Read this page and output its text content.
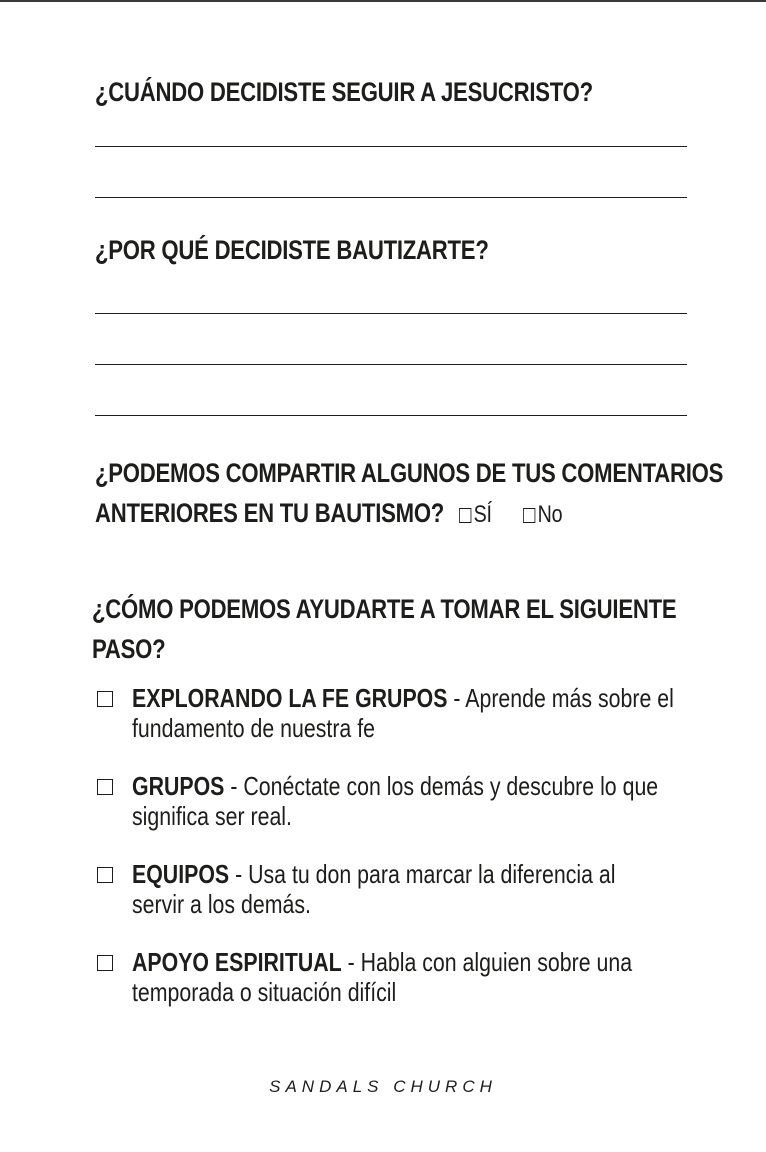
¿CUÁNDO DECIDISTE SEGUIR A JESUCRISTO?
¿POR QUÉ DECIDISTE BAUTIZARTE?
¿PODEMOS COMPARTIR ALGUNOS DE TUS COMENTARIOS
ANTERIORES EN TU BAUTISMO? SÍ No
¿CÓMO PODEMOS AYUDARTE A TOMAR EL SIGUIENTE
PASO?
EXPLORANDO LA FE GRUPOS - Aprende más sobre el
fundamento de nuestra fe
GRUPOS - Conéctate con los demás y descubre lo que
significa ser real.
EQUIPOS - Usa tu don para marcar la diferencia al
servir a los demás.
APOYO ESPIRITUAL - Habla con alguien sobre una
temporada o situación difícil
SANDALS CHURCH
